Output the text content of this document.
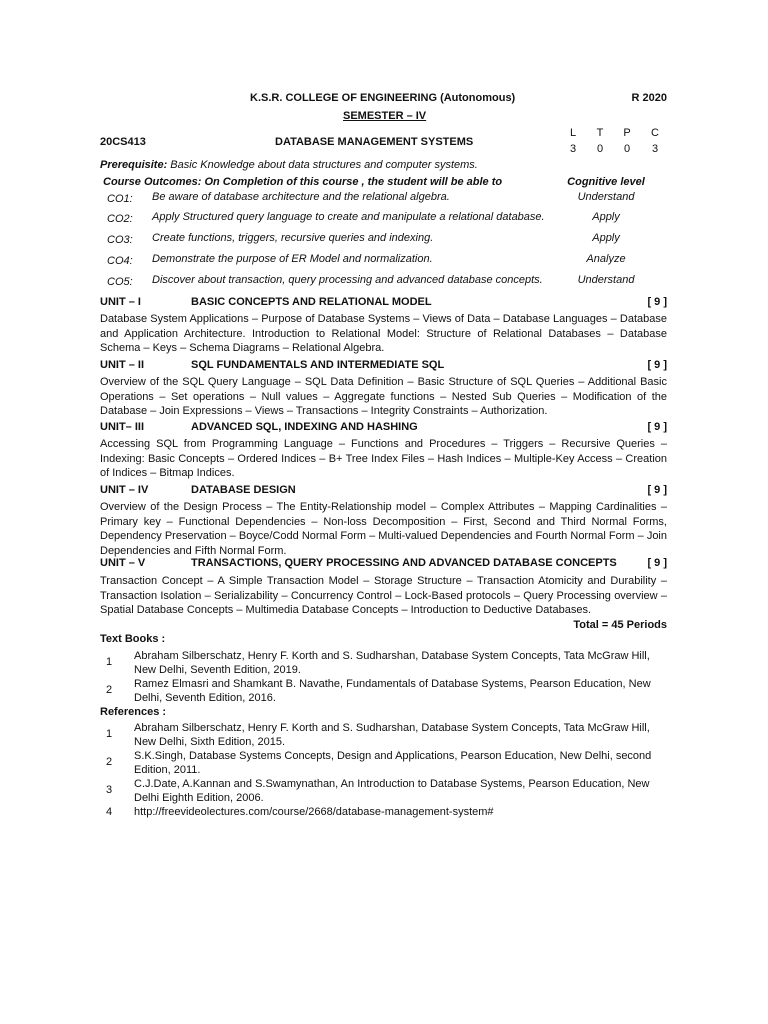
K.S.R. COLLEGE OF ENGINEERING (Autonomous)	R 2020
SEMESTER – IV
20CS413	DATABASE MANAGEMENT SYSTEMS
L	T	P	C
3	0	0	3
Prerequisite: Basic Knowledge about data structures and computer systems.
Course Outcomes: On Completion of this course , the student will be able to	Cognitive level
CO1: Be aware of database architecture and the relational algebra.	Understand
CO2: Apply Structured query language to create and manipulate a relational database.	Apply
CO3: Create functions, triggers, recursive queries and indexing.	Apply
CO4: Demonstrate the purpose of ER Model and normalization.	Analyze
CO5: Discover about transaction, query processing and advanced database concepts.	Understand
UNIT – I	BASIC CONCEPTS AND RELATIONAL MODEL	[ 9 ]
Database System Applications – Purpose of Database Systems – Views of Data – Database Languages – Database and Application Architecture. Introduction to Relational Model: Structure of Relational Databases – Database Schema – Keys – Schema Diagrams – Relational Algebra.
UNIT – II	SQL FUNDAMENTALS AND INTERMEDIATE SQL	[ 9 ]
Overview of the SQL Query Language – SQL Data Definition – Basic Structure of SQL Queries – Additional Basic Operations – Set operations – Null values – Aggregate functions – Nested Sub Queries – Modification of the Database – Join Expressions – Views – Transactions – Integrity Constraints – Authorization.
UNIT– III	ADVANCED SQL, INDEXING AND HASHING	[ 9 ]
Accessing SQL from Programming Language – Functions and Procedures – Triggers – Recursive Queries – Indexing: Basic Concepts – Ordered Indices – B+ Tree Index Files – Hash Indices – Multiple-Key Access – Creation of Indices – Bitmap Indices.
UNIT – IV	DATABASE DESIGN	[ 9 ]
Overview of the Design Process – The Entity-Relationship model – Complex Attributes – Mapping Cardinalities – Primary key – Functional Dependencies – Non-loss Decomposition – First, Second and Third Normal Forms, Dependency Preservation – Boyce/Codd Normal Form – Multi-valued Dependencies and Fourth Normal Form – Join Dependencies and Fifth Normal Form.
UNIT – V	TRANSACTIONS, QUERY PROCESSING AND ADVANCED DATABASE CONCEPTS	[ 9 ]
Transaction Concept – A Simple Transaction Model – Storage Structure – Transaction Atomicity and Durability – Transaction Isolation – Serializability – Concurrency Control – Lock-Based protocols – Query Processing overview – Spatial Database Concepts – Multimedia Database Concepts – Introduction to Deductive Databases.
Total = 45 Periods
Text Books :
1 Abraham Silberschatz, Henry F. Korth and S. Sudharshan, Database System Concepts, Tata McGraw Hill, New Delhi, Seventh Edition, 2019.
2 Ramez Elmasri and Shamkant B. Navathe, Fundamentals of Database Systems, Pearson Education, New Delhi, Seventh Edition, 2016.
References :
1 Abraham Silberschatz, Henry F. Korth and S. Sudharshan, Database System Concepts, Tata McGraw Hill, New Delhi, Sixth Edition, 2015.
2 S.K.Singh, Database Systems Concepts, Design and Applications, Pearson Education, New Delhi, second Edition, 2011.
3 C.J.Date, A.Kannan and S.Swamynathan, An Introduction to Database Systems, Pearson Education, New Delhi Eighth Edition, 2006.
4 http://freevideolectures.com/course/2668/database-management-system#
